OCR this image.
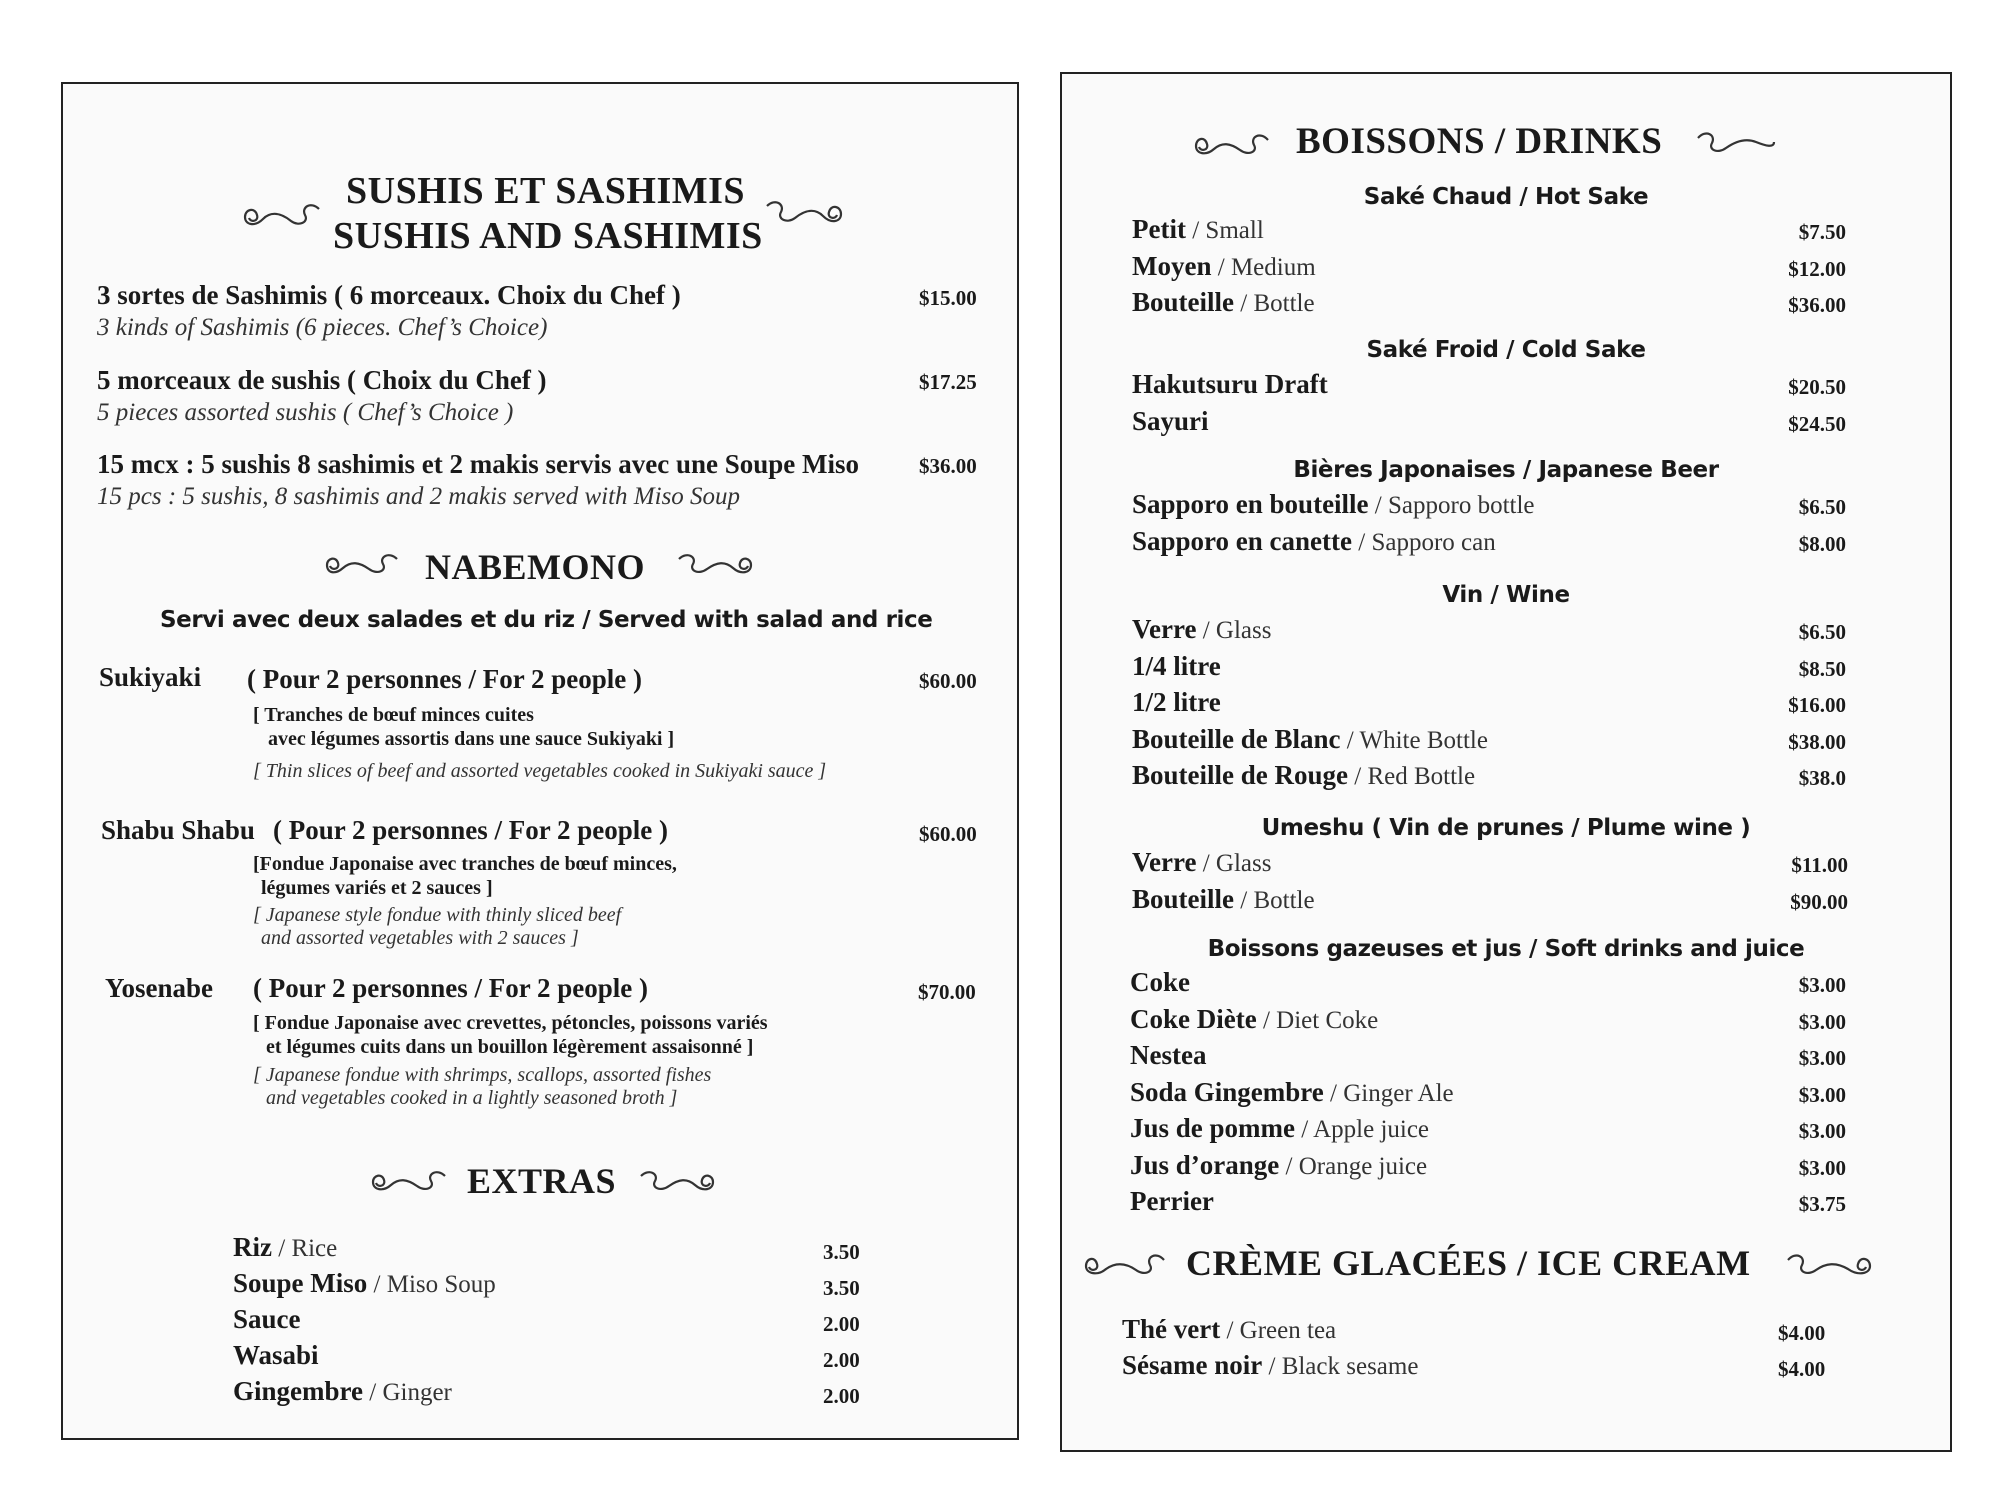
SUSHIS ET SASHIMIS
SUSHIS AND SASHIMIS
3 sortes de Sashimis ( 6 morceaux. Choix du Chef )
3 kinds of Sashimis (6 pieces. Chef’s Choice)
$15.00
5 morceaux de sushis ( Choix du Chef )
5 pieces assorted sushis ( Chef’s Choice )
$17.25
15 mcx : 5 sushis 8 sashimis et 2 makis servis avec une Soupe Miso
15 pcs : 5 sushis, 8 sashimis and 2 makis served with Miso Soup
$36.00
NABEMONO
Servi avec deux salades et du riz / Served with salad and rice
Sukiyaki ( Pour 2 personnes / For 2 people )	$60.00
[ Tranches de bœuf minces cuites
avec légumes assortis dans une sauce Sukiyaki ]
[ Thin slices of beef and assorted vegetables cooked in Sukiyaki sauce ]
Shabu Shabu ( Pour 2 personnes / For 2 people )	$60.00
[Fondue Japonaise avec tranches de bœuf minces,
légumes variés et 2 sauces ]
[ Japanese style fondue with thinly sliced beef
and assorted vegetables with 2 sauces ]
Yosenabe ( Pour 2 personnes / For 2 people )	$70.00
[ Fondue Japonaise avec crevettes, pétoncles, poissons variés
et légumes cuits dans un bouillon légèrement assaisonné ]
[ Japanese fondue with shrimps, scallops, assorted fishes
and vegetables cooked in a lightly seasoned broth ]
EXTRAS
Riz / Rice	3.50
Soupe Miso / Miso Soup	3.50
Sauce	2.00
Wasabi	2.00
Gingembre / Ginger	2.00
BOISSONS / DRINKS
Saké Chaud / Hot Sake
Petit / Small	$7.50
Moyen / Medium	$12.00
Bouteille / Bottle	$36.00
Saké Froid / Cold Sake
Hakutsuru Draft	$20.50
Sayuri	$24.50
Bières Japonaises / Japanese Beer
Sapporo en bouteille / Sapporo bottle	$6.50
Sapporo en canette / Sapporo can	$8.00
Vin / Wine
Verre / Glass	$6.50
1/4 litre	$8.50
1/2 litre	$16.00
Bouteille de Blanc / White Bottle	$38.00
Bouteille de Rouge / Red Bottle	$38.0
Umeshu ( Vin de prunes / Plume wine )
Verre / Glass	$11.00
Bouteille / Bottle	$90.00
Boissons gazeuses et jus / Soft drinks and juice
Coke	$3.00
Coke Diète / Diet Coke	$3.00
Nestea	$3.00
Soda Gingembre / Ginger Ale	$3.00
Jus de pomme / Apple juice	$3.00
Jus d’orange / Orange juice	$3.00
Perrier	$3.75
CRÈME GLACÉES / ICE CREAM
Thé vert / Green tea	$4.00
Sésame noir / Black sesame	$4.00
